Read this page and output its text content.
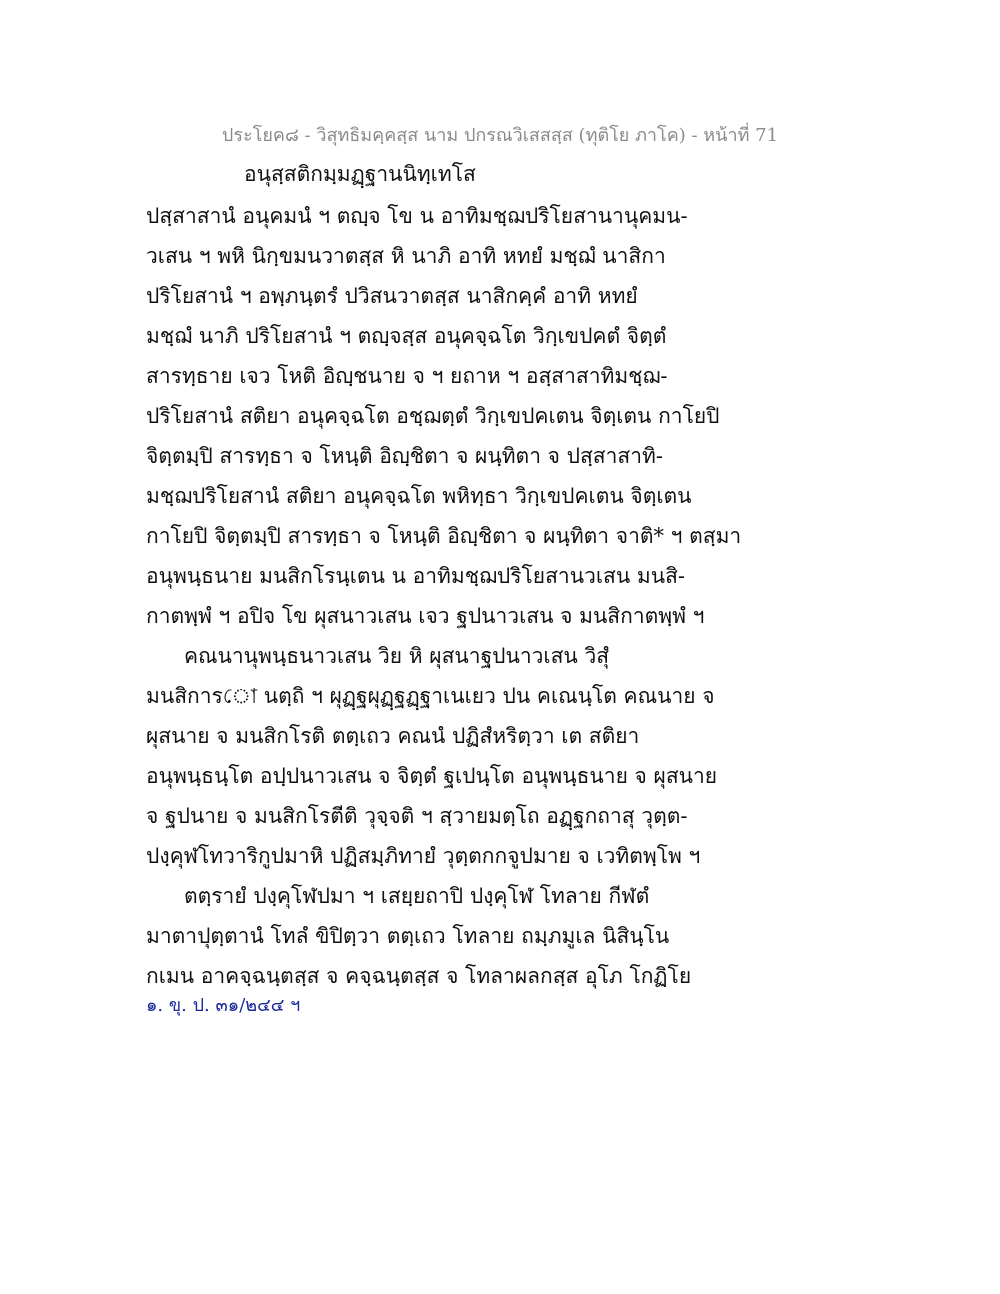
ประโยค๘ - วิสุทธิมคฺคสฺส นาม ปกรณวิเสสสฺส (ทุติโย ภาโค) - หน้าที่ 71
อนุสฺสติกมฺมฏฺฐานนิทฺเทโส
ปสฺสาสานํ อนุคมนํ ฯ ตญฺจ โข น อาทิมชฺฌปริโยสานานุคมน-
วเสน ฯ พหิ นิกฺขมนวาตสฺส หิ นาภิ อาทิ หทยํ มชฺฌํ นาสิกา
ปริโยสานํ ฯ อพฺภนฺตรํ ปวิสนวาตสฺส นาสิกคฺคํ อาทิ หทยํ
มชฺฌํ นาภิ ปริโยสานํ ฯ ตญฺจสฺส อนุคจฺฉโต วิกฺเขปคตํ จิตฺตํ
สารทฺธาย เจว โหติ อิญฺชนาย จ ฯ ยถาห ฯ อสฺสาสาทิมชฺฌ-
ปริโยสานํ สติยา อนุคจฺฉโต อชฺฌตฺตํ วิกฺเขปคเตน จิตฺเตน กาโยปิ
จิตฺตมฺปิ สารทฺธา จ โหนฺติ อิญฺชิตา จ ผนฺทิตา จ ปสฺสาสาทิ-
มชฺฌปริโยสานํ สติยา อนุคจฺฉโต พหิทฺธา วิกฺเขปคเตน จิตฺเตน
กาโยปิ จิตฺตมฺปิ สารทฺธา จ โหนฺติ อิญฺชิตา จ ผนฺทิตา จาติ* ฯ ตสฺมา
อนุพนฺธนาย มนสิกโรนฺเตน น อาทิมชฺฌปริโยสานวเสน มนสิ-
กาตพฺพํ ฯ อปิจ โข ผุสนาวเสน เจว ฐปนาวเสน จ มนสิกาตพฺพํ ฯ
คณนานุพนฺธนาวเสน วิย หิ ผุสนาฐปนาวเสน วิสุํ
มนสิการো นตฺถิ ฯ ผุฏฺฐผุฏฺฐฏฺฐาเนเยว ปน คเณนฺโต คณนาย จ
ผุสนาย จ มนสิกโรติ ตตฺเถว คณนํ ปฏิสํหริตฺวา เต สติยา
อนุพนฺธนฺโต อปฺปนาวเสน จ จิตฺตํ ฐเปนฺโต อนุพนฺธนาย จ ผุสนาย
จ ฐปนาย จ มนสิกโรตีติ วุจฺจติ ฯ สฺวายมตฺโถ อฏฺฐกถาสุ วุตฺต-
ปงฺคุฬโทวาริกูปมาหิ ปฏิสมฺภิทายํ วุตฺตกกจูปมาย จ เวทิตพฺโพ ฯ
ตตฺรายํ ปงฺคุโฬปมา ฯ เสยฺยถาปิ ปงฺคุโฬ โทลาย กีฬตํ
มาตาปุตฺตานํ โทลํ ขิปิตฺวา ตตฺเถว โทลาย ถมฺภมูเล นิสินฺโน
กเมน อาคจฺฉนฺตสฺส จ คจฺฉนฺตสฺส จ โทลาผลกสฺส อุโภ โกฏิโย
๑. ขุ. ป. ๓๑/๒๔๔ ฯ
